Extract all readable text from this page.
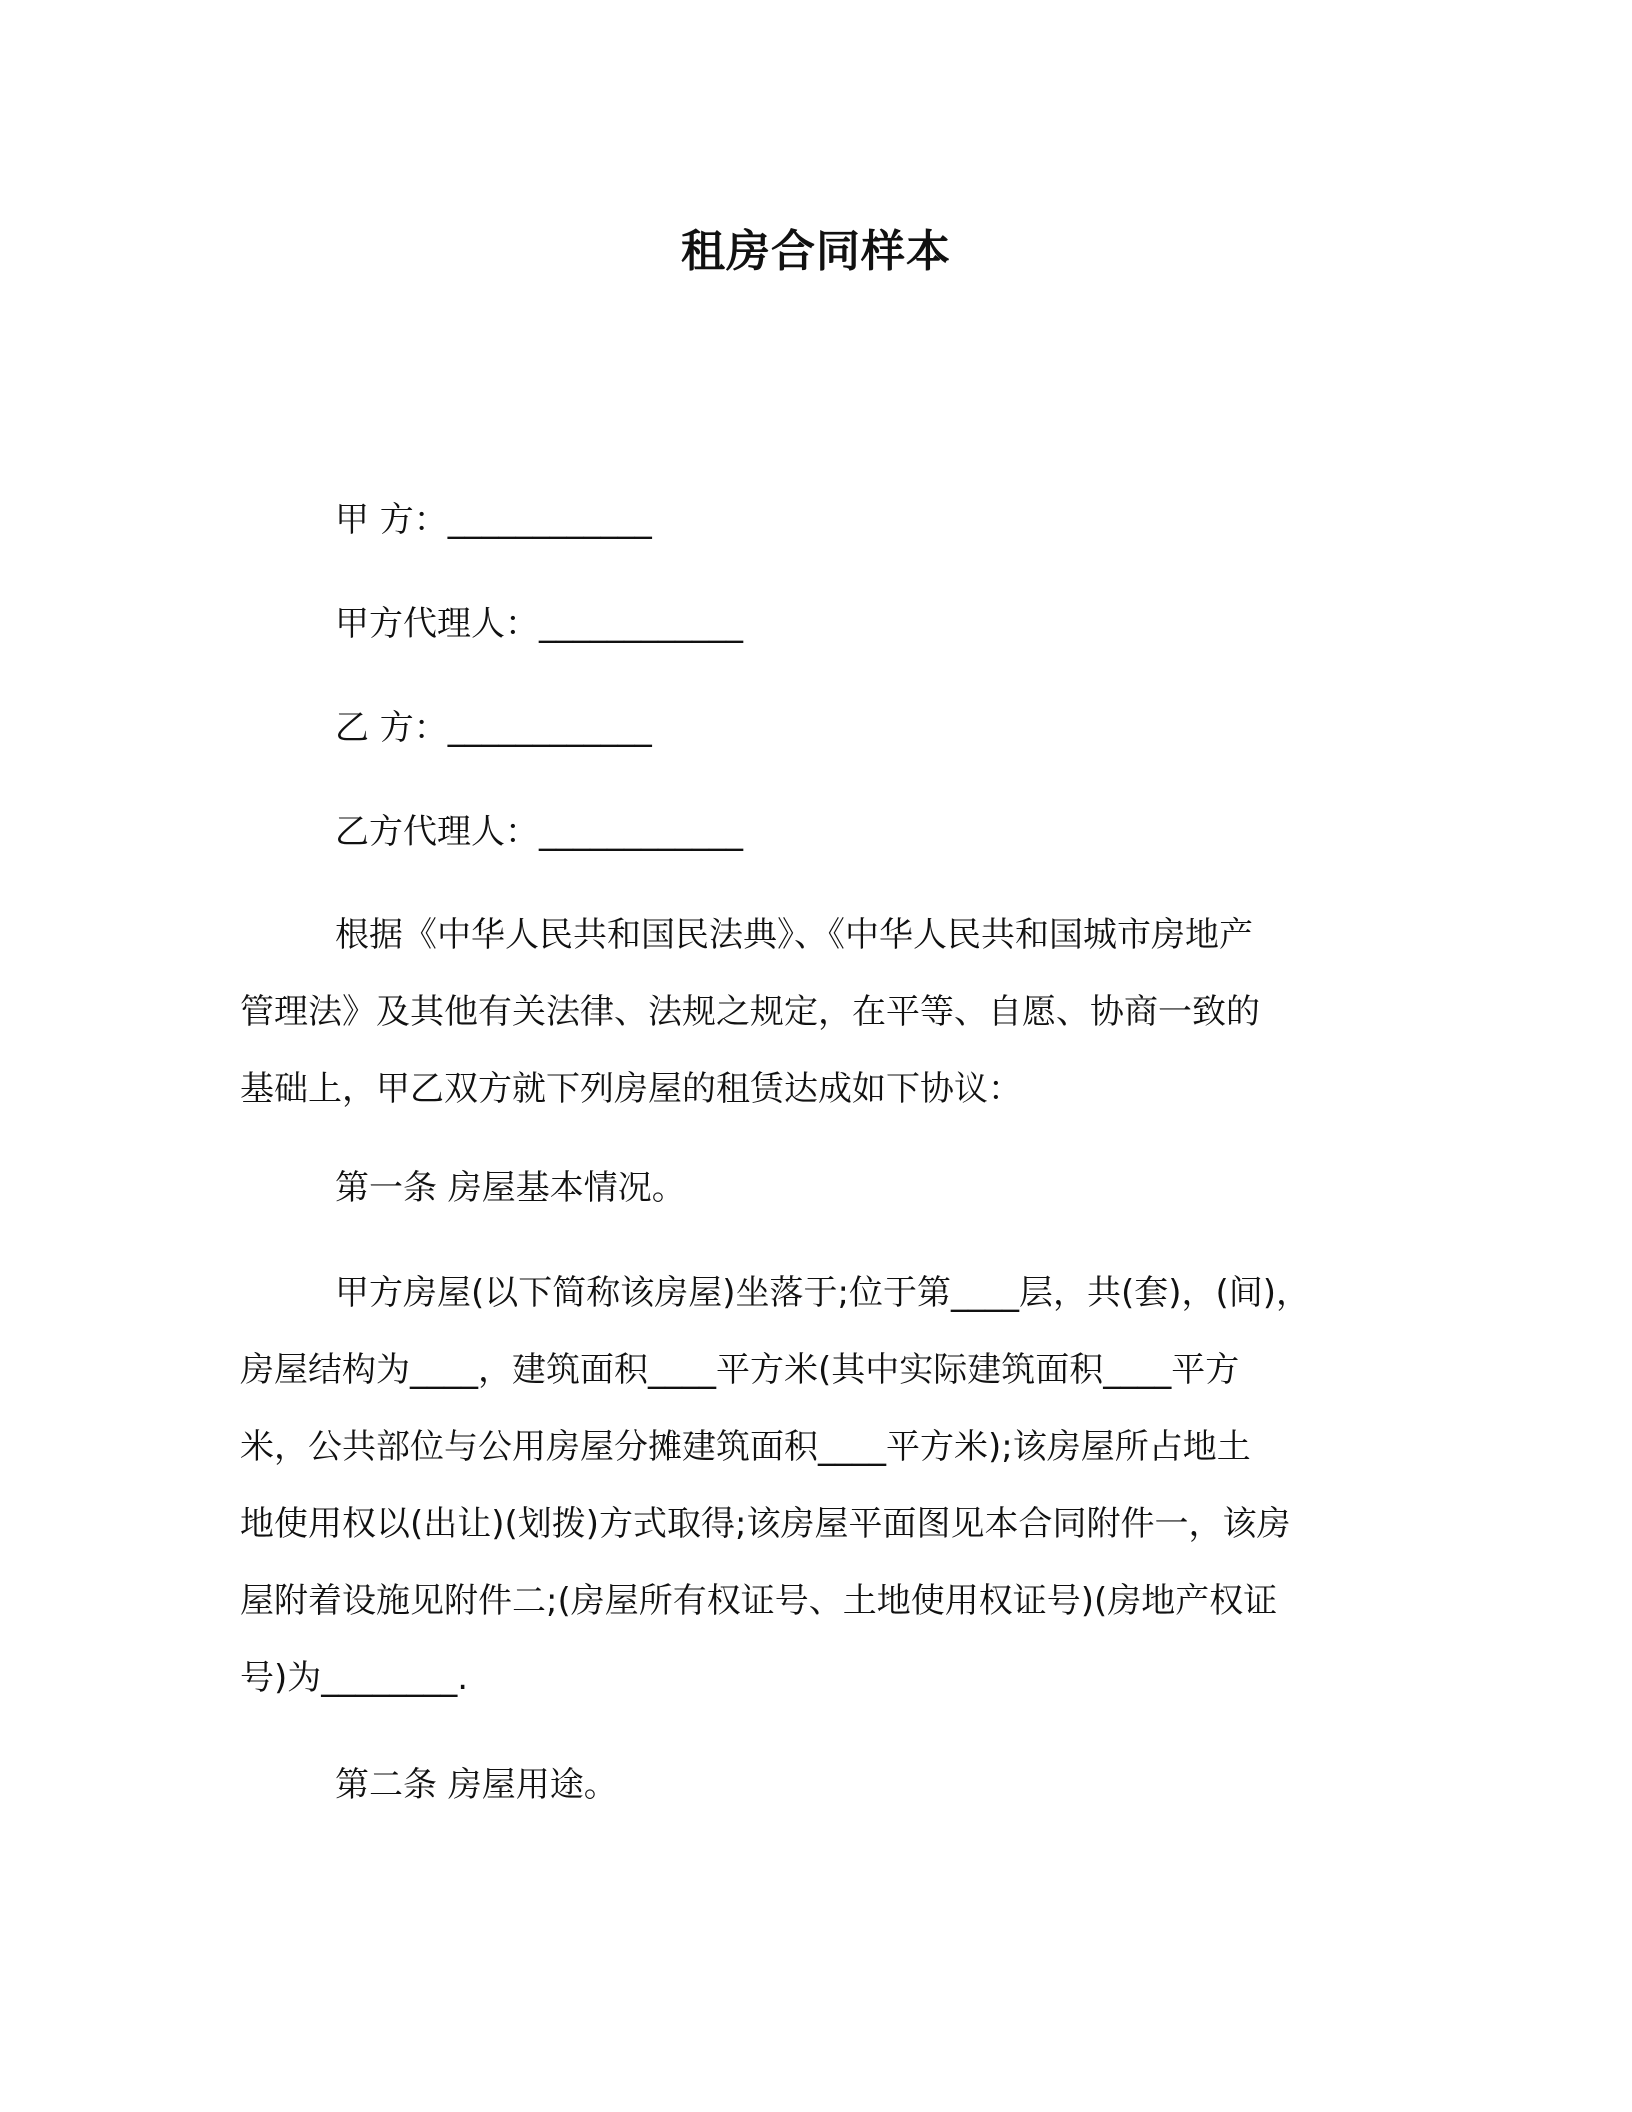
租房合同样本
甲 方：____________
甲方代理人：____________
乙 方：____________
乙方代理人：____________
根据《中华人民共和国民法典》、《中华人民共和国城市房地产
管理法》及其他有关法律、法规之规定，在平等、自愿、协商一致的
基础上，甲乙双方就下列房屋的租赁达成如下协议：
第一条 房屋基本情况。
甲方房屋(以下简称该房屋)坐落于;位于第____层，共(套)，(间)，
房屋结构为____，建筑面积____平方米(其中实际建筑面积____平方
米，公共部位与公用房屋分摊建筑面积____平方米);该房屋所占地土
地使用权以(出让)(划拨)方式取得;该房屋平面图见本合同附件一，该房
屋附着设施见附件二;(房屋所有权证号、土地使用权证号)(房地产权证
号)为________.
第二条 房屋用途。
